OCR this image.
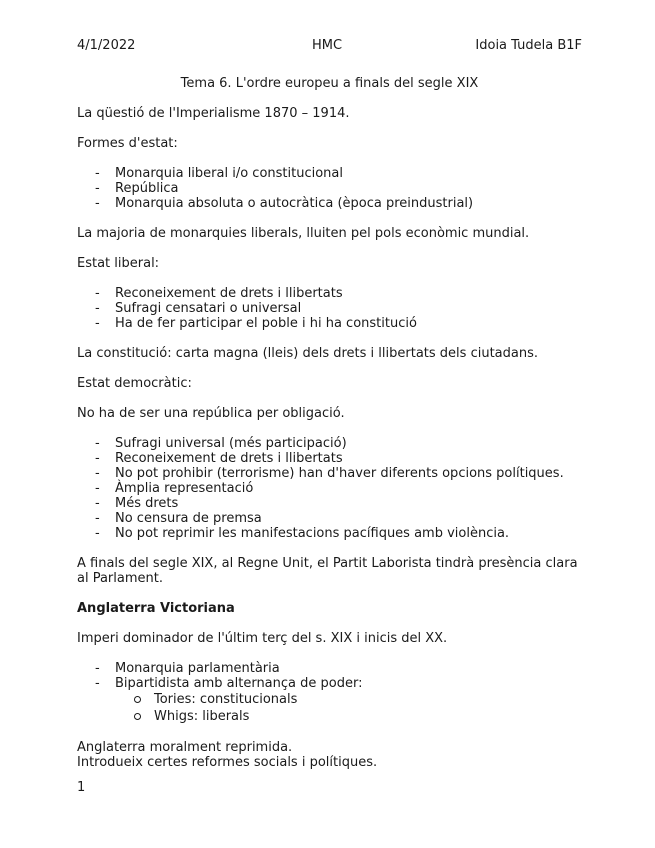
4/1/2022	HMC	Idoia Tudela B1F
Tema 6. L'ordre europeu a finals del segle XIX

La qüestió de l'Imperialisme 1870 – 1914.

Formes d'estat:

- Monarquia liberal i/o constitucional
- República
- Monarquia absoluta o autocràtica (època preindustrial)

La majoria de monarquies liberals, lluiten pel pols econòmic mundial.

Estat liberal:

- Reconeixement de drets i llibertats
- Sufragi censatari o universal
- Ha de fer participar el poble i hi ha constitució

La constitució: carta magna (lleis) dels drets i llibertats dels ciutadans.

Estat democràtic:

No ha de ser una república per obligació.

- Sufragi universal (més participació)
- Reconeixement de drets i llibertats
- No pot prohibir (terrorisme) han d'haver diferents opcions polítiques.
- Àmplia representació
- Més drets
- No censura de premsa
- No pot reprimir les manifestacions pacífiques amb violència.

A finals del segle XIX, al Regne Unit, el Partit Laborista tindrà presència clara al Parlament.

Anglaterra Victoriana

Imperi dominador de l'últim terç del s. XIX i inicis del XX.

- Monarquia parlamentària
- Bipartidista amb alternança de poder:
Tories: constitucionals
Whigs: liberals

Anglaterra moralment reprimida.

Introdueix certes reformes socials i polítiques.

1
